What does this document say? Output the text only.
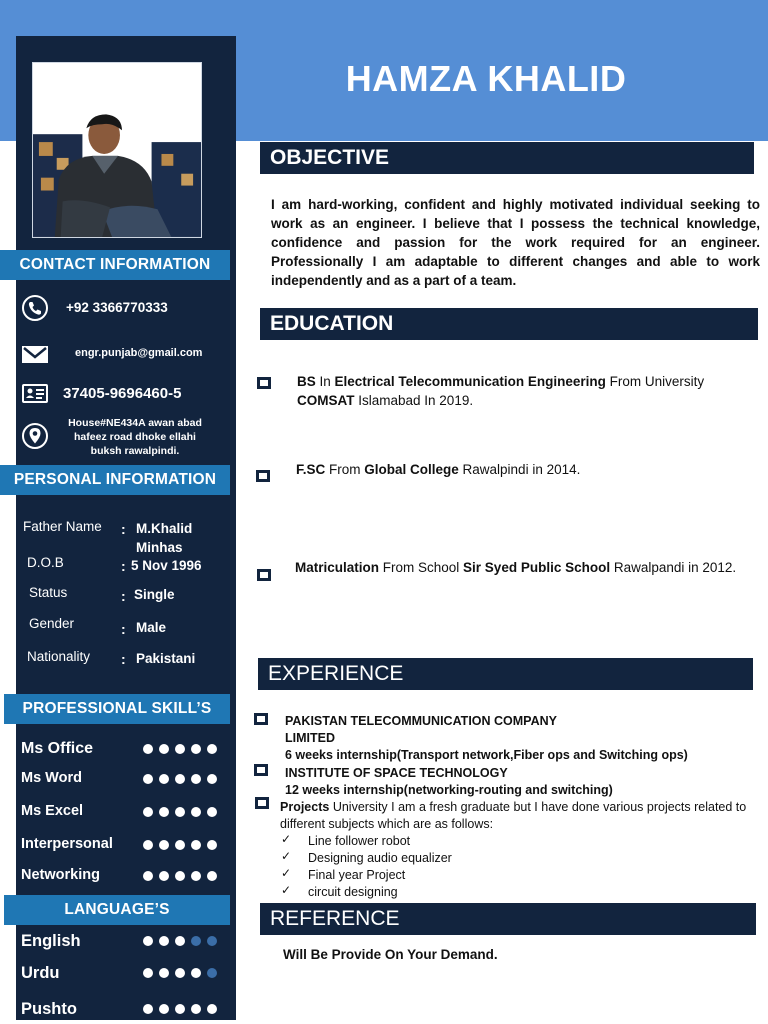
HAMZA KHALID
CONTACT INFORMATION
+92 3366770333
engr.punjab@gmail.com
37405-9696460-5
House#NE434A awan abad hafeez road dhoke ellahi buksh rawalpindi.
PERSONAL INFORMATION
Father Name : M.Khalid Minhas
D.O.B	: 5 Nov 1996
Status	: Single
Gender	: Male
Nationality : Pakistani
PROFESSIONAL SKILL’S
Ms Office
Ms Word
Ms Excel
Interpersonal
Networking
LANGUAGE’S
English
Urdu
Pushto
OBJECTIVE
I am hard-working, confident and highly motivated individual seeking to work as an engineer. I believe that I possess the technical knowledge, confidence and passion for the work required for an engineer. Professionally I am adaptable to different changes and able to work independently and as a part of a team.
EDUCATION
BS In Electrical Telecommunication Engineering From University COMSAT Islamabad In 2019.
F.SC From Global College Rawalpindi in 2014.
Matriculation From School Sir Syed Public School Rawalpandi in 2012.
EXPERIENCE
PAKISTAN TELECOMMUNICATION COMPANY
LIMITED
6 weeks internship(Transport network,Fiber ops and Switching ops)
INSTITUTE OF SPACE TECHNOLOGY
12 weeks internship(networking-routing and switching)
Projects University I am a fresh graduate but I have done various projects related to different subjects which are as follows:
✓ Line follower robot
✓ Designing audio equalizer
✓ Final year Project
✓ circuit designing
REFERENCE
Will Be Provide On Your Demand.
